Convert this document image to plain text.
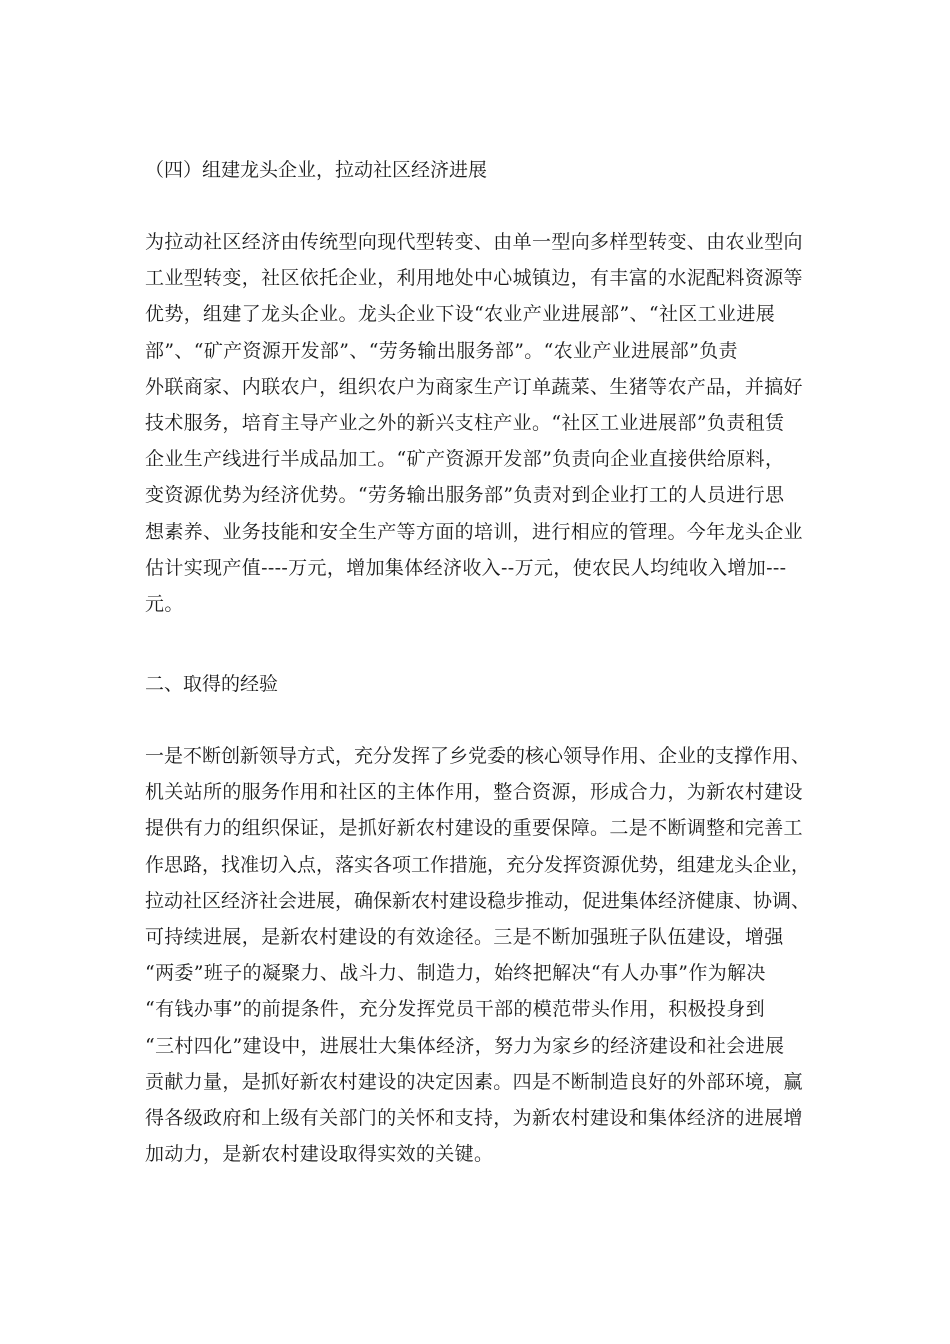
（四）组建龙头企业，拉动社区经济进展
为拉动社区经济由传统型向现代型转变、由单一型向多样型转变、由农业型向
工业型转变，社区依托企业，利用地处中心城镇边，有丰富的水泥配料资源等
优势，组建了龙头企业。龙头企业下设“农业产业进展部”、“社区工业进展
部”、“矿产资源开发部”、“劳务输出服务部”。“农业产业进展部”负责
外联商家、内联农户，组织农户为商家生产订单蔬菜、生猪等农产品，并搞好
技术服务，培育主导产业之外的新兴支柱产业。“社区工业进展部”负责租赁
企业生产线进行半成品加工。“矿产资源开发部”负责向企业直接供给原料，
变资源优势为经济优势。“劳务输出服务部”负责对到企业打工的人员进行思
想素养、业务技能和安全生产等方面的培训，进行相应的管理。今年龙头企业
估计实现产值----万元，增加集体经济收入--万元，使农民人均纯收入增加---
元。
二、取得的经验
一是不断创新领导方式，充分发挥了乡党委的核心领导作用、企业的支撑作用、
机关站所的服务作用和社区的主体作用，整合资源，形成合力，为新农村建设
提供有力的组织保证，是抓好新农村建设的重要保障。二是不断调整和完善工
作思路，找准切入点，落实各项工作措施，充分发挥资源优势，组建龙头企业，
拉动社区经济社会进展，确保新农村建设稳步推动，促进集体经济健康、协调、
可持续进展，是新农村建设的有效途径。三是不断加强班子队伍建设，增强
“两委”班子的凝聚力、战斗力、制造力，始终把解决“有人办事”作为解决
“有钱办事”的前提条件，充分发挥党员干部的模范带头作用，积极投身到
“三村四化”建设中，进展壮大集体经济，努力为家乡的经济建设和社会进展
贡献力量，是抓好新农村建设的决定因素。四是不断制造良好的外部环境，赢
得各级政府和上级有关部门的关怀和支持，为新农村建设和集体经济的进展增
加动力，是新农村建设取得实效的关键。
